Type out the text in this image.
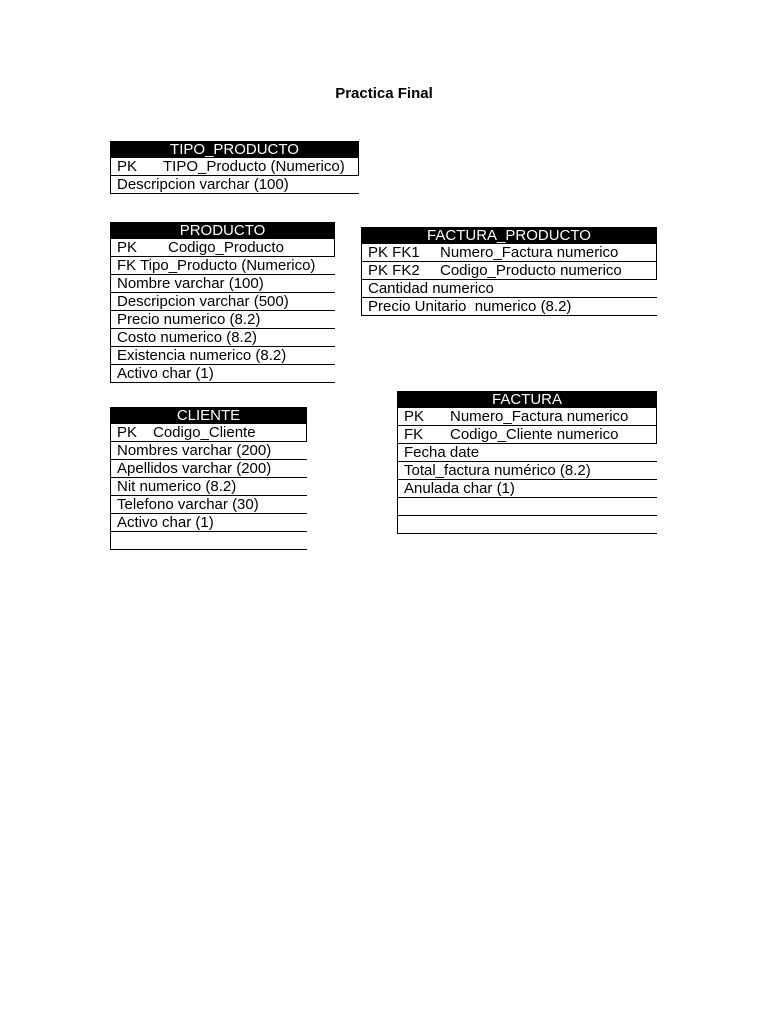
Practica Final
TIPO_PRODUCTO
PK TIPO_Producto (Numerico)
Descripcion varchar (100)
PRODUCTO
PK Codigo_Producto
FK Tipo_Producto (Numerico)
Nombre varchar (100)
Descripcion varchar (500)
Precio numerico (8.2)
Costo numerico (8.2)
Existencia numerico (8.2)
Activo char (1)
FACTURA_PRODUCTO
PK FK1 Numero_Factura numerico
PK FK2 Codigo_Producto numerico
Cantidad numerico
Precio Unitario  numerico (8.2)
CLIENTE
PK Codigo_Cliente
Nombres varchar (200)
Apellidos varchar (200)
Nit numerico (8.2)
Telefono varchar (30)
Activo char (1)
FACTURA
PK Numero_Factura numerico
FK Codigo_Cliente numerico
Fecha date
Total_factura numérico (8.2)
Anulada char (1)
